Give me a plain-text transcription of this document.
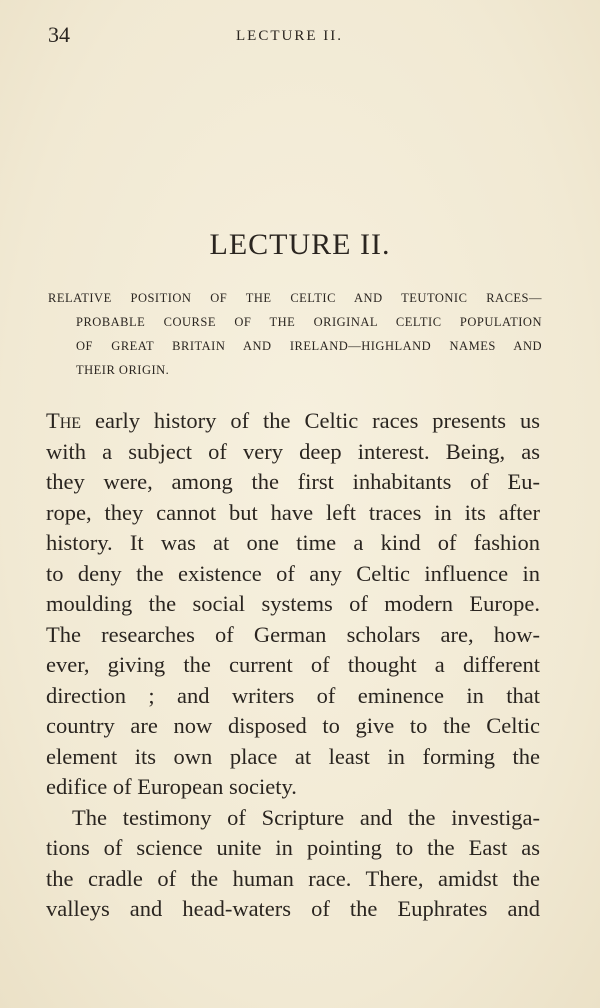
34	LECTURE II.
LECTURE II.
RELATIVE POSITION OF THE CELTIC AND TEUTONIC RACES—
PROBABLE COURSE OF THE ORIGINAL CELTIC POPULATION
OF GREAT BRITAIN AND IRELAND—HIGHLAND NAMES AND
THEIR ORIGIN.
The early history of the Celtic races presents us
with a subject of very deep interest. Being, as
they were, among the first inhabitants of Eu-
rope, they cannot but have left traces in its after
history. It was at one time a kind of fashion
to deny the existence of any Celtic influence in
moulding the social systems of modern Europe.
The researches of German scholars are, how-
ever, giving the current of thought a different
direction ; and writers of eminence in that
country are now disposed to give to the Celtic
element its own place at least in forming the
edifice of European society.
The testimony of Scripture and the investiga-
tions of science unite in pointing to the East as
the cradle of the human race. There, amidst the
valleys and head-waters of the Euphrates and
